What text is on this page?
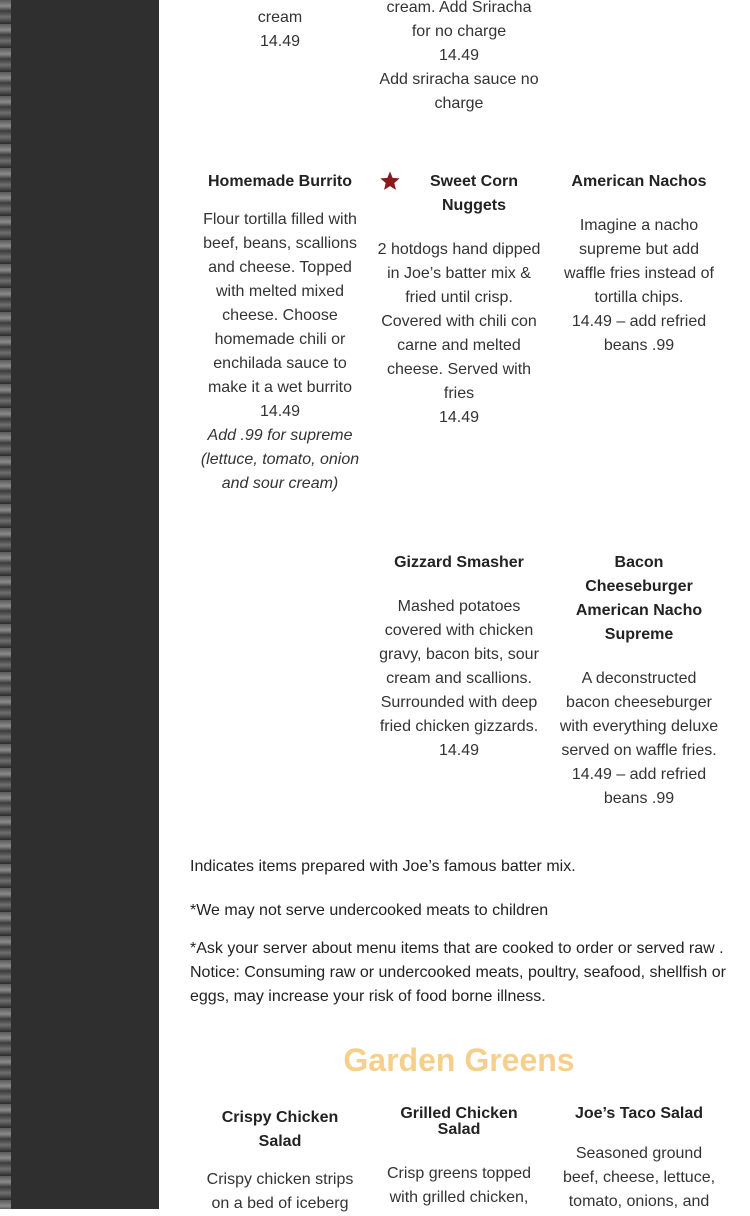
cream
14.49
cream. Add Sriracha
for no charge
14.49
Add sriracha sauce no charge
Homemade Burrito
Flour tortilla filled with beef, beans, scallions and cheese. Topped with melted mixed cheese. Choose homemade chili or enchilada sauce to make it a wet burrito
14.49
Add .99 for supreme (lettuce, tomato, onion and sour cream)
Sweet Corn Nuggets
2 hotdogs hand dipped in Joe’s batter mix & fried until crisp. Covered with chili con carne and melted cheese. Served with fries
14.49
American Nachos
Imagine a nacho supreme but add waffle fries instead of tortilla chips.
14.49 – add refried beans .99
Gizzard Smasher
Mashed potatoes covered with chicken gravy, bacon bits, sour cream and scallions. Surrounded with deep fried chicken gizzards.
14.49
Bacon Cheeseburger American Nacho Supreme
A deconstructed bacon cheeseburger with everything deluxe served on waffle fries.
14.49 – add refried beans .99
Indicates items prepared with Joe’s famous batter mix.
*We may not serve undercooked meats to children
*Ask your server about menu items that are cooked to order or served raw . Notice: Consuming raw or undercooked meats, poultry, seafood, shellfish or eggs, may increase your risk of food borne illness.
Garden Greens
Crispy Chicken Salad
Crispy chicken strips on a bed of iceberg
Grilled Chicken Salad
Crisp greens topped with grilled chicken,
Joe’s Taco Salad
Seasoned ground beef, cheese, lettuce, tomato, onions, and
